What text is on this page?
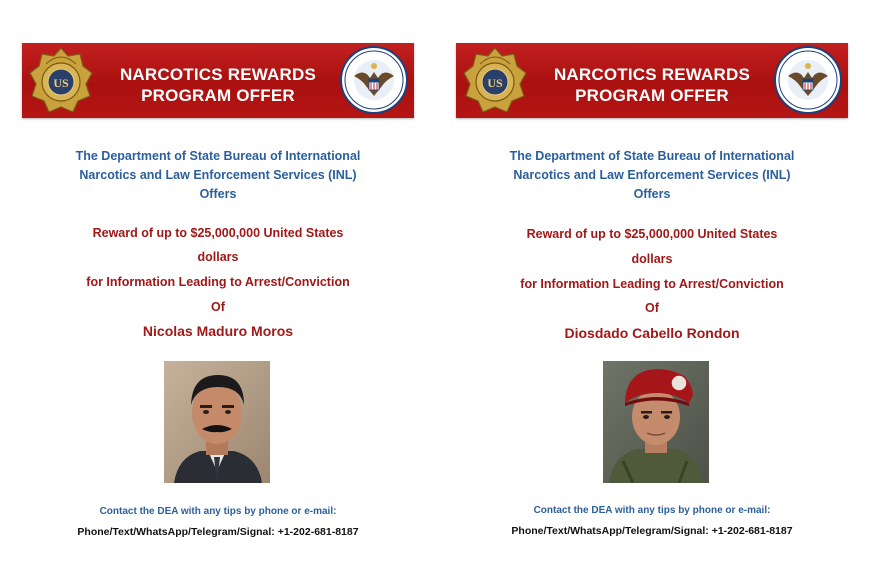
US	NARCOTICS REWARDS
PROGRAM OFFER
The Department of State Bureau of International
Narcotics and Law Enforcement Services (INL)
Offers
Reward of up to $25,000,000 United States
dollars
for Information Leading to Arrest/Conviction
Of
Nicolas Maduro Moros
Contact the DEA with any tips by phone or e-mail:
Phone/Text/WhatsApp/Telegram/Signal: +1-202-681-8187
US	NARCOTICS REWARDS
PROGRAM OFFER
The Department of State Bureau of International
Narcotics and Law Enforcement Services (INL)
Offers
Reward of up to $25,000,000 United States
dollars
for Information Leading to Arrest/Conviction
Of
Diosdado Cabello Rondon
Contact the DEA with any tips by phone or e-mail:
Phone/Text/WhatsApp/Telegram/Signal: +1-202-681-8187
